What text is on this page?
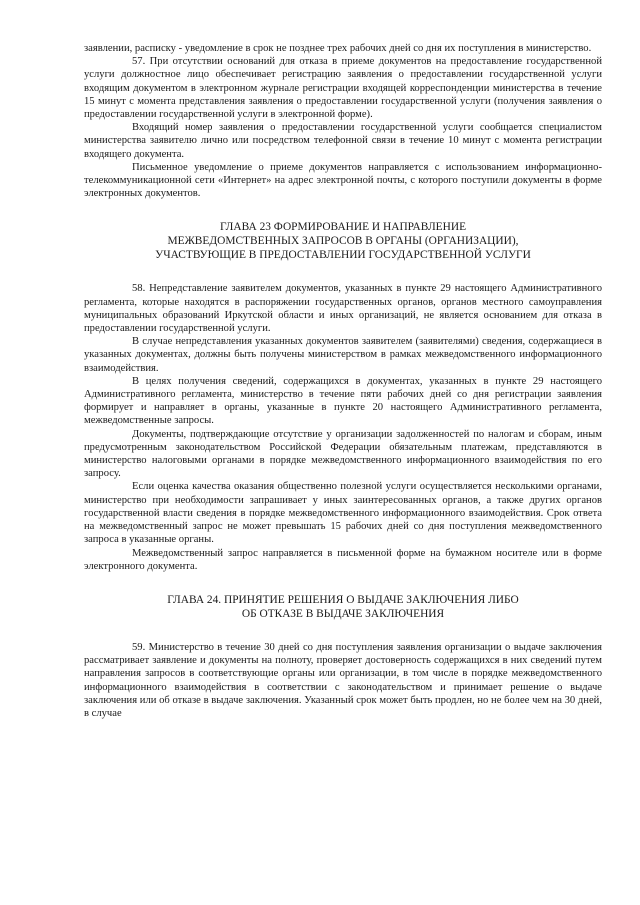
заявлении, расписку - уведомление в срок не позднее трех рабочих дней со дня их поступления в министерство.

57. При отсутствии оснований для отказа в приеме документов на предоставление государственной услуги должностное лицо обеспечивает регистрацию заявления о предоставлении государственной услуги входящим документом в электронном журнале регистрации входящей корреспонденции министерства в течение 15 минут с момента представления заявления о предоставлении государственной услуги (получения заявления о предоставлении государственной услуги в электронной форме).

Входящий номер заявления о предоставлении государственной услуги сообщается специалистом министерства заявителю лично или посредством телефонной связи в течение 10 минут с момента регистрации входящего документа.

Письменное уведомление о приеме документов направляется с использованием информационно-телекоммуникационной сети «Интернет» на адрес электронной почты, с которого поступили документы в форме электронных документов.

ГЛАВА 23 ФОРМИРОВАНИЕ И НАПРАВЛЕНИЕ

МЕЖВЕДОМСТВЕННЫХ ЗАПРОСОВ В ОРГАНЫ (ОРГАНИЗАЦИИ),

УЧАСТВУЮЩИЕ В ПРЕДОСТАВЛЕНИИ ГОСУДАРСТВЕННОЙ УСЛУГИ

58. Непредставление заявителем документов, указанных в пункте 29 настоящего Административного регламента, которые находятся в распоряжении государственных органов, органов местного самоуправления муниципальных образований Иркутской области и иных организаций, не является основанием для отказа в предоставлении государственной услуги.

В случае непредставления указанных документов заявителем (заявителями) сведения, содержащиеся в указанных документах, должны быть получены министерством в рамках межведомственного информационного взаимодействия.

В целях получения сведений, содержащихся в документах, указанных в пункте 29 настоящего Административного регламента, министерство в течение пяти рабочих дней со дня регистрации заявления формирует и направляет в органы, указанные в пункте 20 настоящего Административного регламента, межведомственные запросы.

Документы, подтверждающие отсутствие у организации задолженностей по налогам и сборам, иным предусмотренным законодательством Российской Федерации обязательным платежам, представляются в министерство налоговыми органами в порядке межведомственного информационного взаимодействия по его запросу.

Если оценка качества оказания общественно полезной услуги осуществляется несколькими органами, министерство при необходимости запрашивает у иных заинтересованных органов, а также других органов государственной власти сведения в порядке межведомственного информационного взаимодействия. Срок ответа на межведомственный запрос не может превышать 15 рабочих дней со дня поступления межведомственного запроса в указанные органы.

Межведомственный запрос направляется в письменной форме на бумажном носителе или в форме электронного документа.

ГЛАВА 24. ПРИНЯТИЕ РЕШЕНИЯ О ВЫДАЧЕ ЗАКЛЮЧЕНИЯ ЛИБО

ОБ ОТКАЗЕ В ВЫДАЧЕ ЗАКЛЮЧЕНИЯ

59. Министерство в течение 30 дней со дня поступления заявления организации о выдаче заключения рассматривает заявление и документы на полноту, проверяет достоверность содержащихся в них сведений путем направления запросов в соответствующие органы или организации, в том числе в порядке межведомственного информационного взаимодействия в соответствии с законодательством и принимает решение о выдаче заключения или об отказе в выдаче заключения. Указанный срок может быть продлен, но не более чем на 30 дней, в случае
